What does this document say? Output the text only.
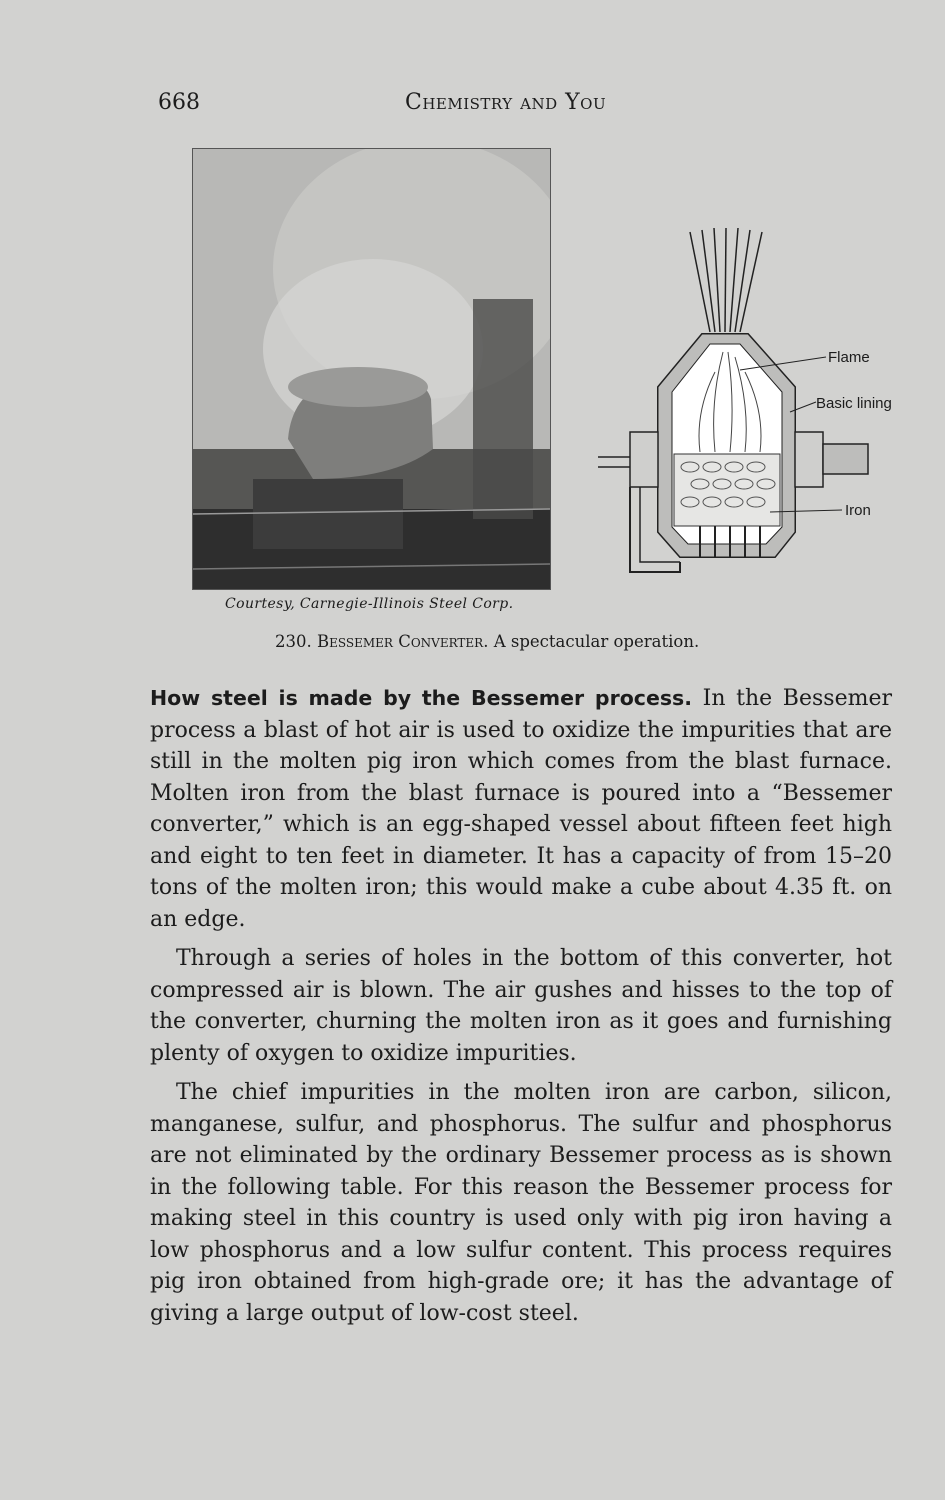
668	Chemistry and You
Courtesy, Carnegie-Illinois Steel Corp.
Flame
Basic lining
Iron
230. Bessemer Converter. A spectacular operation.

How steel is made by the Bessemer process. In the Bessemer process a blast of hot air is used to oxidize the impurities that are still in the molten pig iron which comes from the blast furnace. Molten iron from the blast furnace is poured into a “Bessemer converter,” which is an egg-shaped vessel about fifteen feet high and eight to ten feet in diameter. It has a capacity of from 15–20 tons of the molten iron; this would make a cube about 4.35 ft. on an edge.

Through a series of holes in the bottom of this converter, hot compressed air is blown. The air gushes and hisses to the top of the converter, churning the molten iron as it goes and furnishing plenty of oxygen to oxidize impurities.

The chief impurities in the molten iron are carbon, silicon, manganese, sulfur, and phosphorus. The sulfur and phosphorus are not eliminated by the ordinary Bessemer process as is shown in the following table. For this reason the Bessemer process for making steel in this country is used only with pig iron having a low phosphorus and a low sulfur content. This process requires pig iron obtained from high-grade ore; it has the advantage of giving a large output of low-cost steel.
